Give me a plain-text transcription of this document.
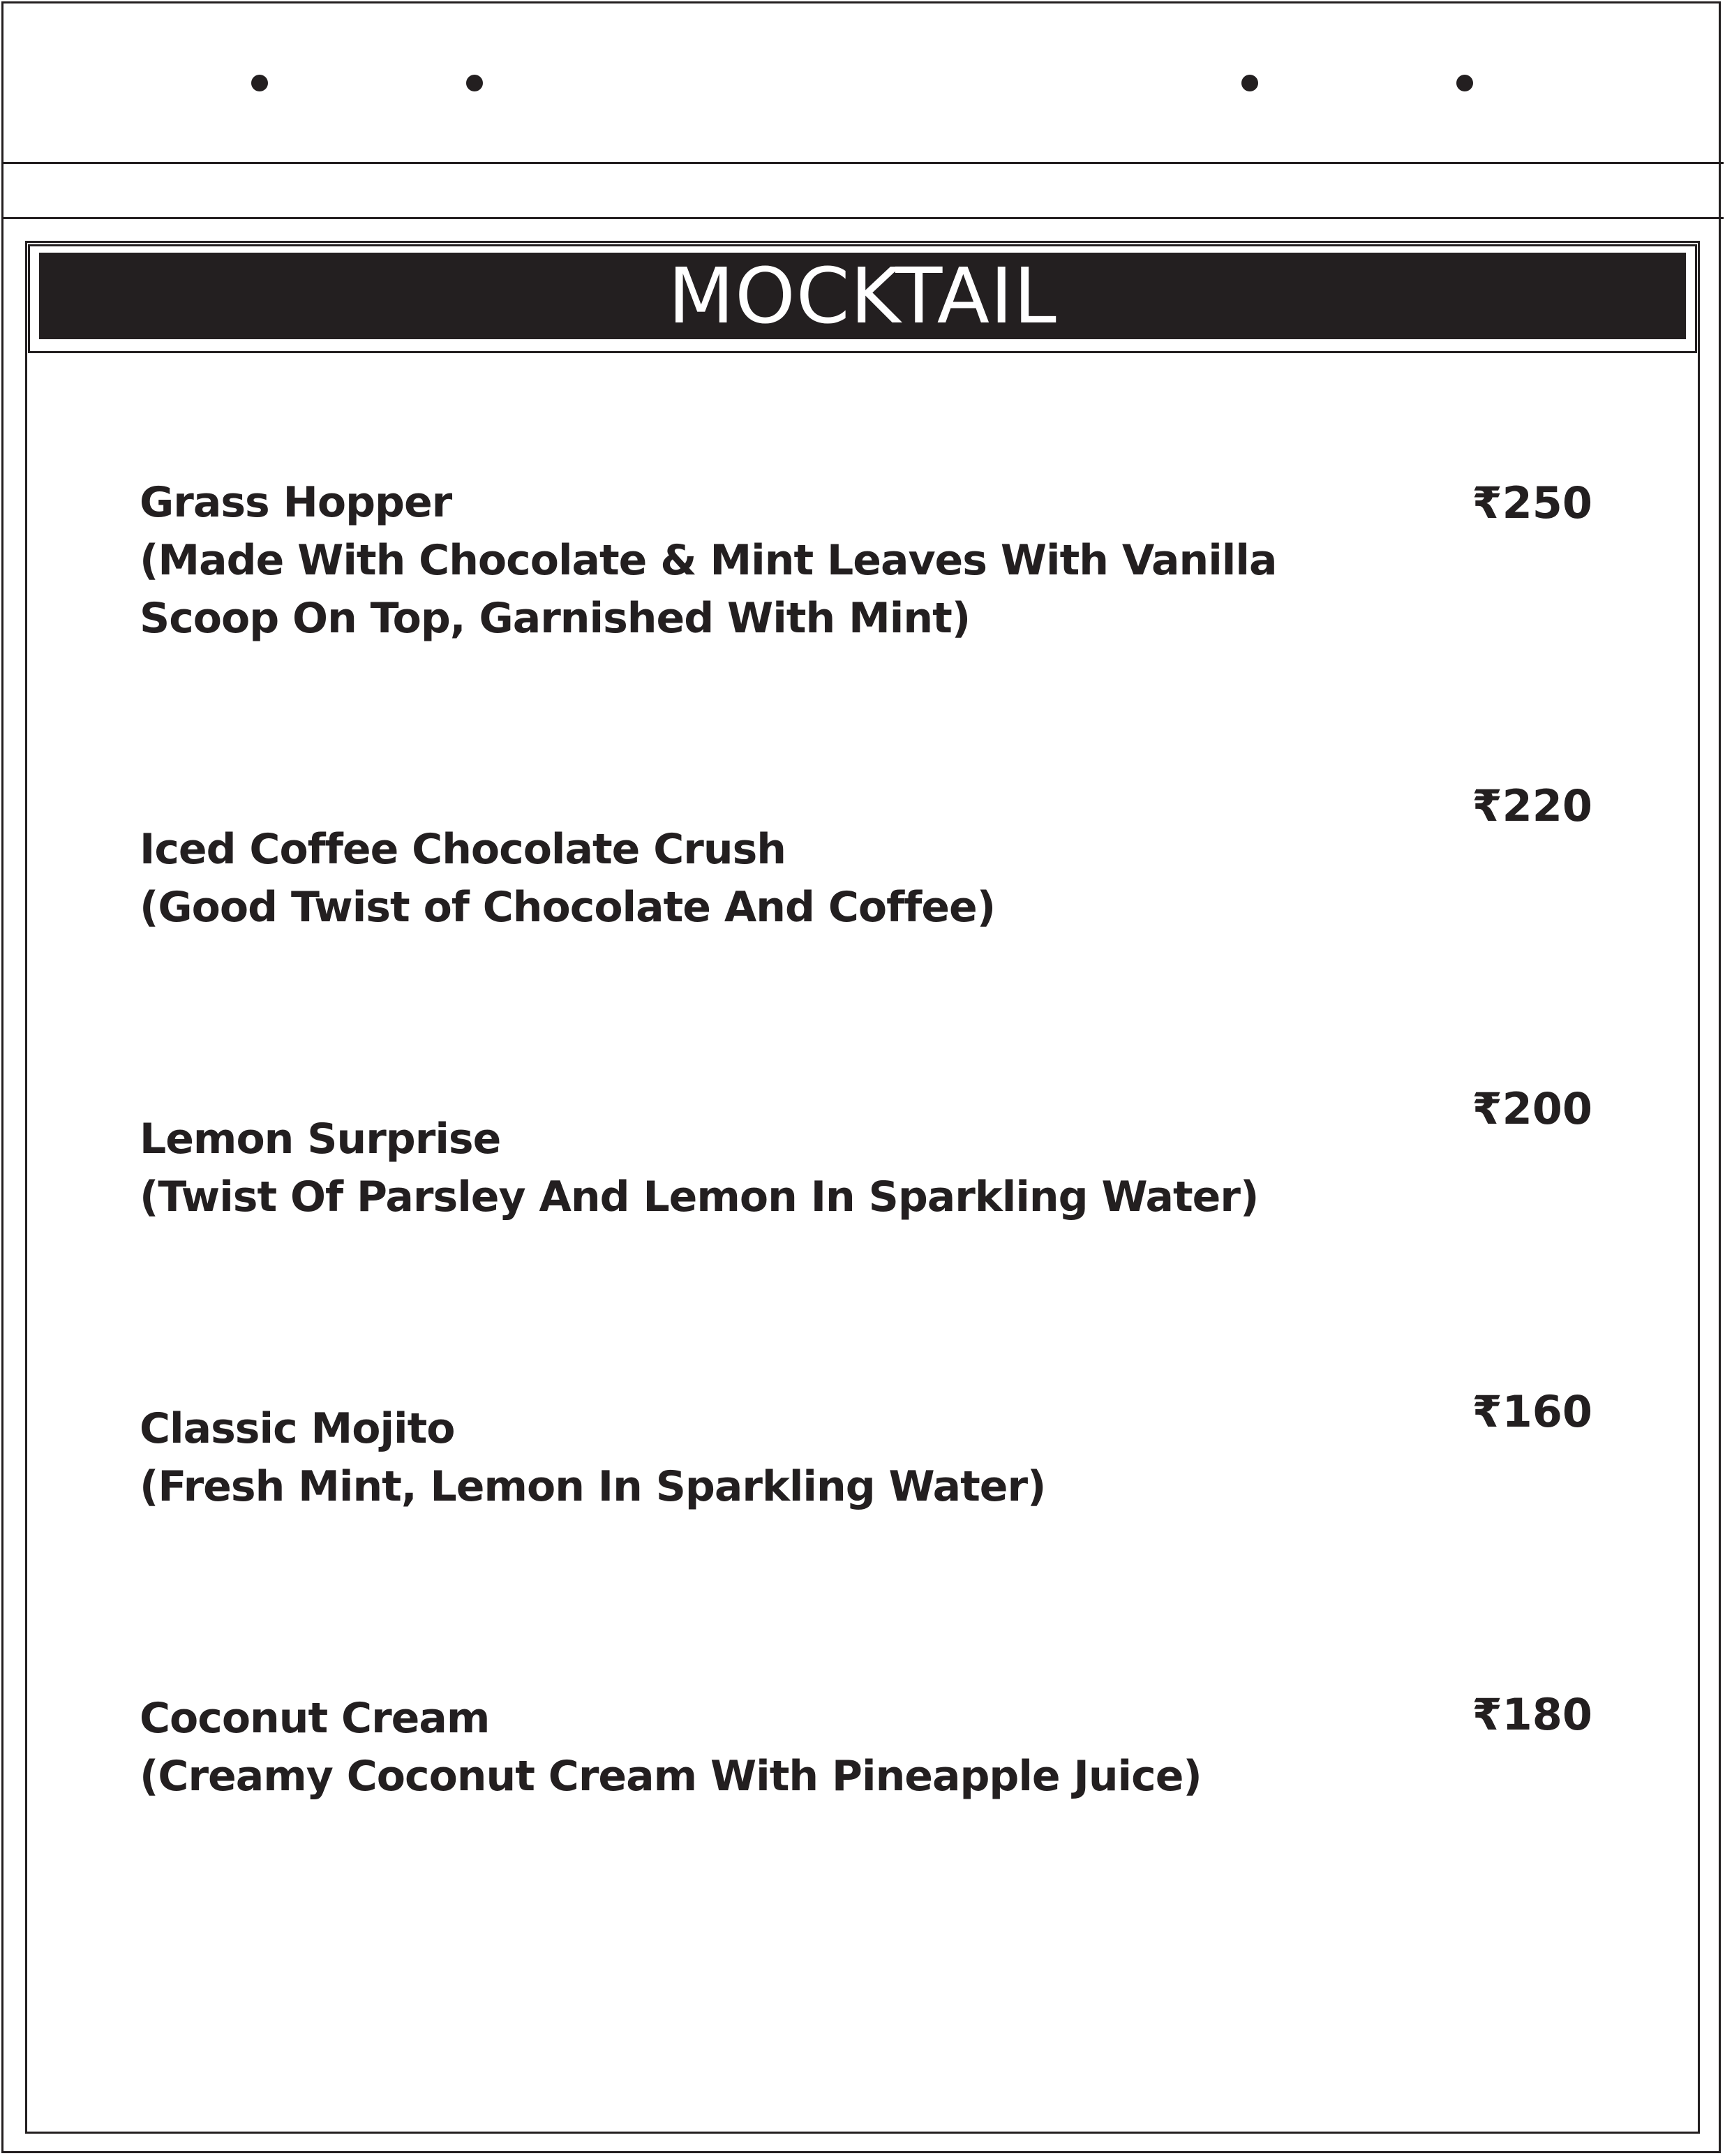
MOCKTAIL
Grass Hopper
(Made With Chocolate & Mint Leaves With Vanilla Scoop On Top, Garnished With Mint)
₹250
Iced Coffee Chocolate Crush
(Good Twist of Chocolate And Coffee)
₹220
Lemon Surprise
(Twist Of Parsley And Lemon In Sparkling Water)
₹200
Classic Mojito
(Fresh Mint, Lemon In Sparkling Water)
₹160
Coconut Cream
(Creamy Coconut Cream With Pineapple Juice)
₹180
